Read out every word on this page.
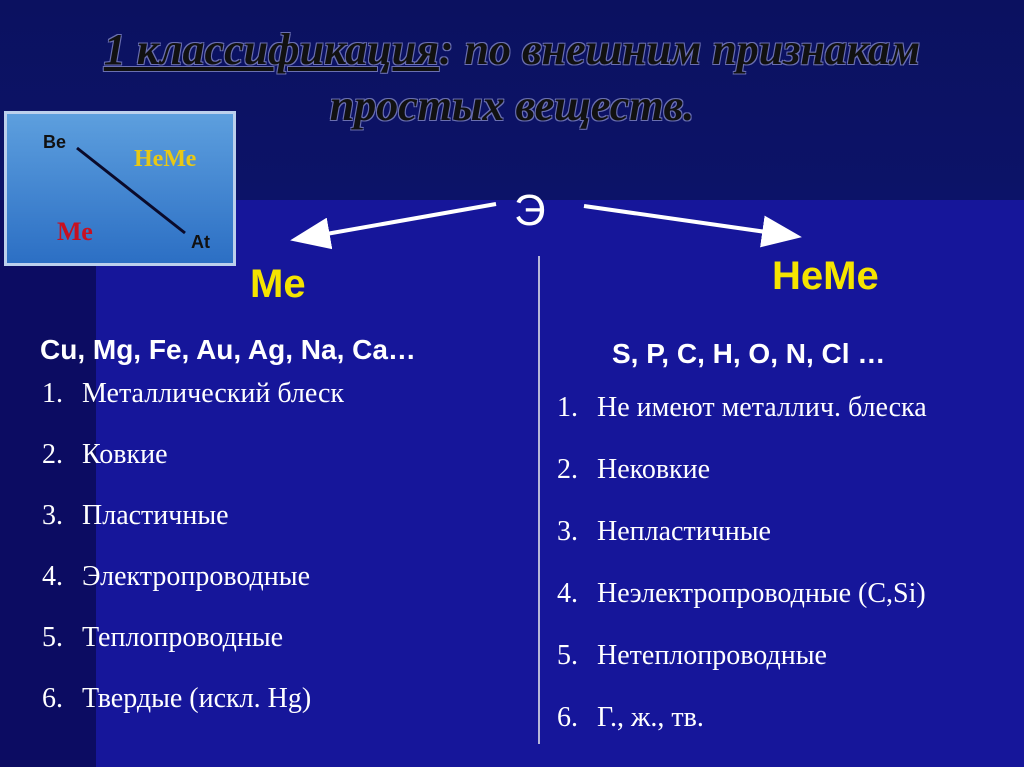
1 классификация: по внешним признакам
простых веществ.
Be
НеМе
Ме	At
Э
Ме	НеМе
Cu, Mg, Fe, Au, Ag, Na, Ca…	S, P, C, H, O, N, Cl …
1. Металлический блеск
2. Ковкие
3. Пластичные
4. Электропроводные
5. Теплопроводные
6. Твердые (искл. Hg)
1. Не имеют металлич. блеска
2. Нековкие
3. Непластичные
4. Неэлектропроводные (C,Si)
5. Нетеплопроводные
6. Г., ж., тв.
